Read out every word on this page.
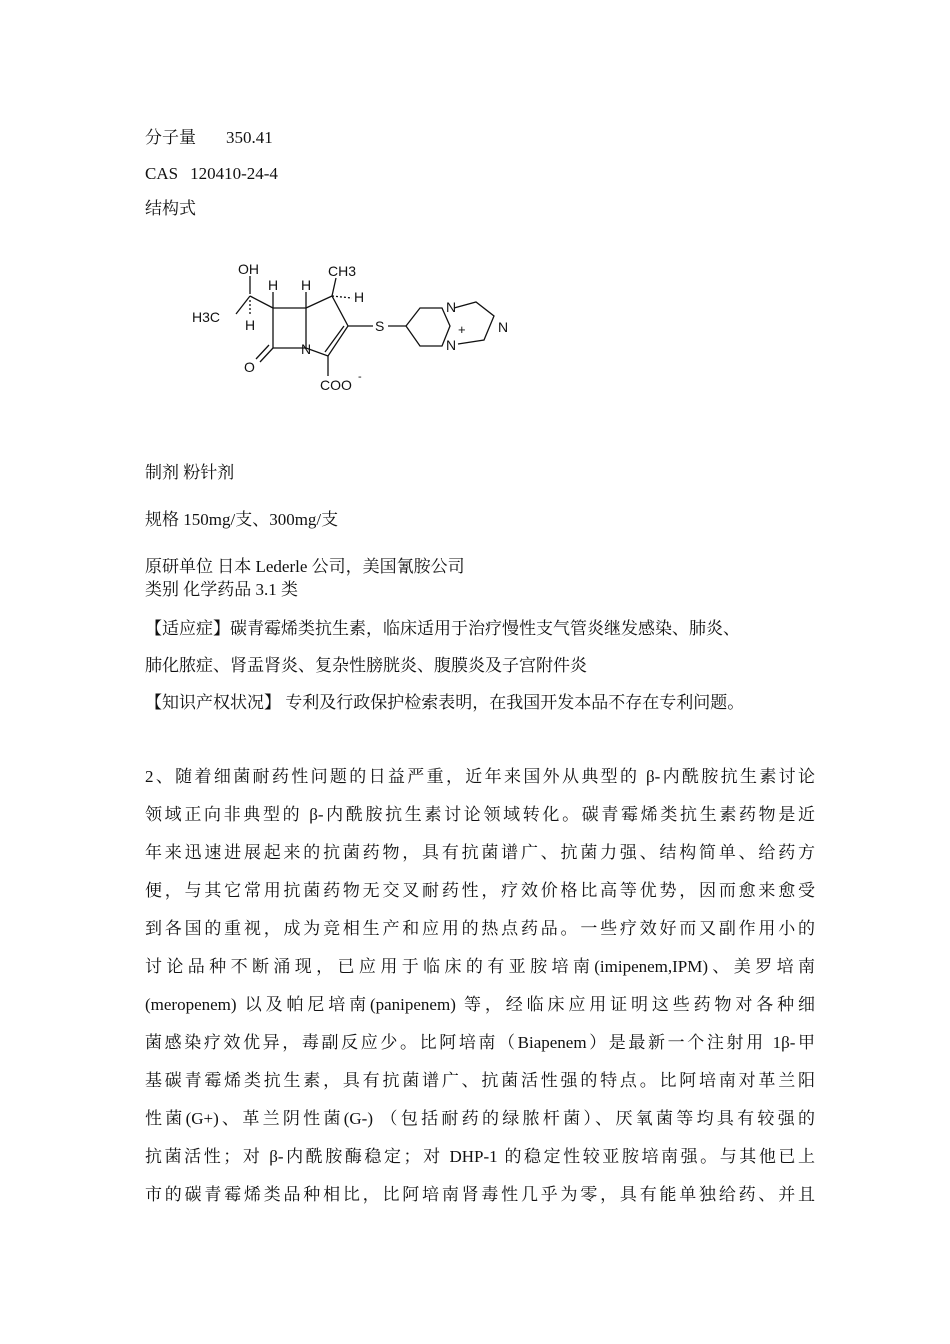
分子量 350.41
CAS 120410-24-4
结构式
OH
H3C
H H
H
H
CH3
O
N
S
COO -
N
N
N
+
制剂 粉针剂
规格 150mg/支、300mg/支
原研单位 日本 Lederle 公司，美国氰胺公司
类别 化学药品 3.1 类
【适应症】碳青霉烯类抗生素，临床适用于治疗慢性支气管炎继发感染、肺炎、
肺化脓症、肾盂肾炎、复杂性膀胱炎、腹膜炎及子宫附件炎
【知识产权状况】 专利及行政保护检索表明，在我国开发本品不存在专利问题。
2、随着细菌耐药性问题的日益严重，近年来国外从典型的 β-内酰胺抗生素讨论
领域正向非典型的 β-内酰胺抗生素讨论领域转化。碳青霉烯类抗生素药物是近
年来迅速进展起来的抗菌药物，具有抗菌谱广、抗菌力强、结构简单、给药方
便，与其它常用抗菌药物无交叉耐药性，疗效价格比高等优势，因而愈来愈受
到各国的重视，成为竞相生产和应用的热点药品。一些疗效好而又副作用小的
讨论品种不断涌现，已应用于临床的有亚胺培南(imipenem,IPM)、美罗培南
(meropenem) 以及帕尼培南(panipenem) 等，经临床应用证明这些药物对各种细
菌感染疗效优异，毒副反应少。比阿培南（Biapenem）是最新一个注射用 1β-甲
基碳青霉烯类抗生素，具有抗菌谱广、抗菌活性强的特点。比阿培南对革兰阳
性菌(G+)、革兰阴性菌(G-) （包括耐药的绿脓杆菌）、厌氧菌等均具有较强的
抗菌活性；对 β-内酰胺酶稳定；对 DHP-1 的稳定性较亚胺培南强。与其他已上
市的碳青霉烯类品种相比，比阿培南肾毒性几乎为零，具有能单独给药、并且
